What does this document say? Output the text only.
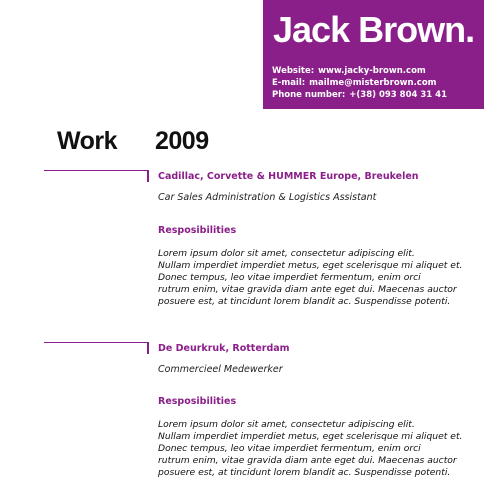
Jack Brown.
Website: www.jacky-brown.com
E-mail: mailme@misterbrown.com
Phone number: +(38) 093 804 31 41
Work 2009
Cadillac, Corvette & HUMMER Europe, Breukelen
Car Sales Administration & Logistics Assistant
Resposibilities
Lorem ipsum dolor sit amet, consectetur adipiscing elit.
Nullam imperdiet imperdiet metus, eget scelerisque mi aliquet et.
Donec tempus, leo vitae imperdiet fermentum, enim orci
rutrum enim, vitae gravida diam ante eget dui. Maecenas auctor
posuere est, at tincidunt lorem blandit ac. Suspendisse potenti.
De Deurkruk, Rotterdam
Commercieel Medewerker
Resposibilities
Lorem ipsum dolor sit amet, consectetur adipiscing elit.
Nullam imperdiet imperdiet metus, eget scelerisque mi aliquet et.
Donec tempus, leo vitae imperdiet fermentum, enim orci
rutrum enim, vitae gravida diam ante eget dui. Maecenas auctor
posuere est, at tincidunt lorem blandit ac. Suspendisse potenti.
